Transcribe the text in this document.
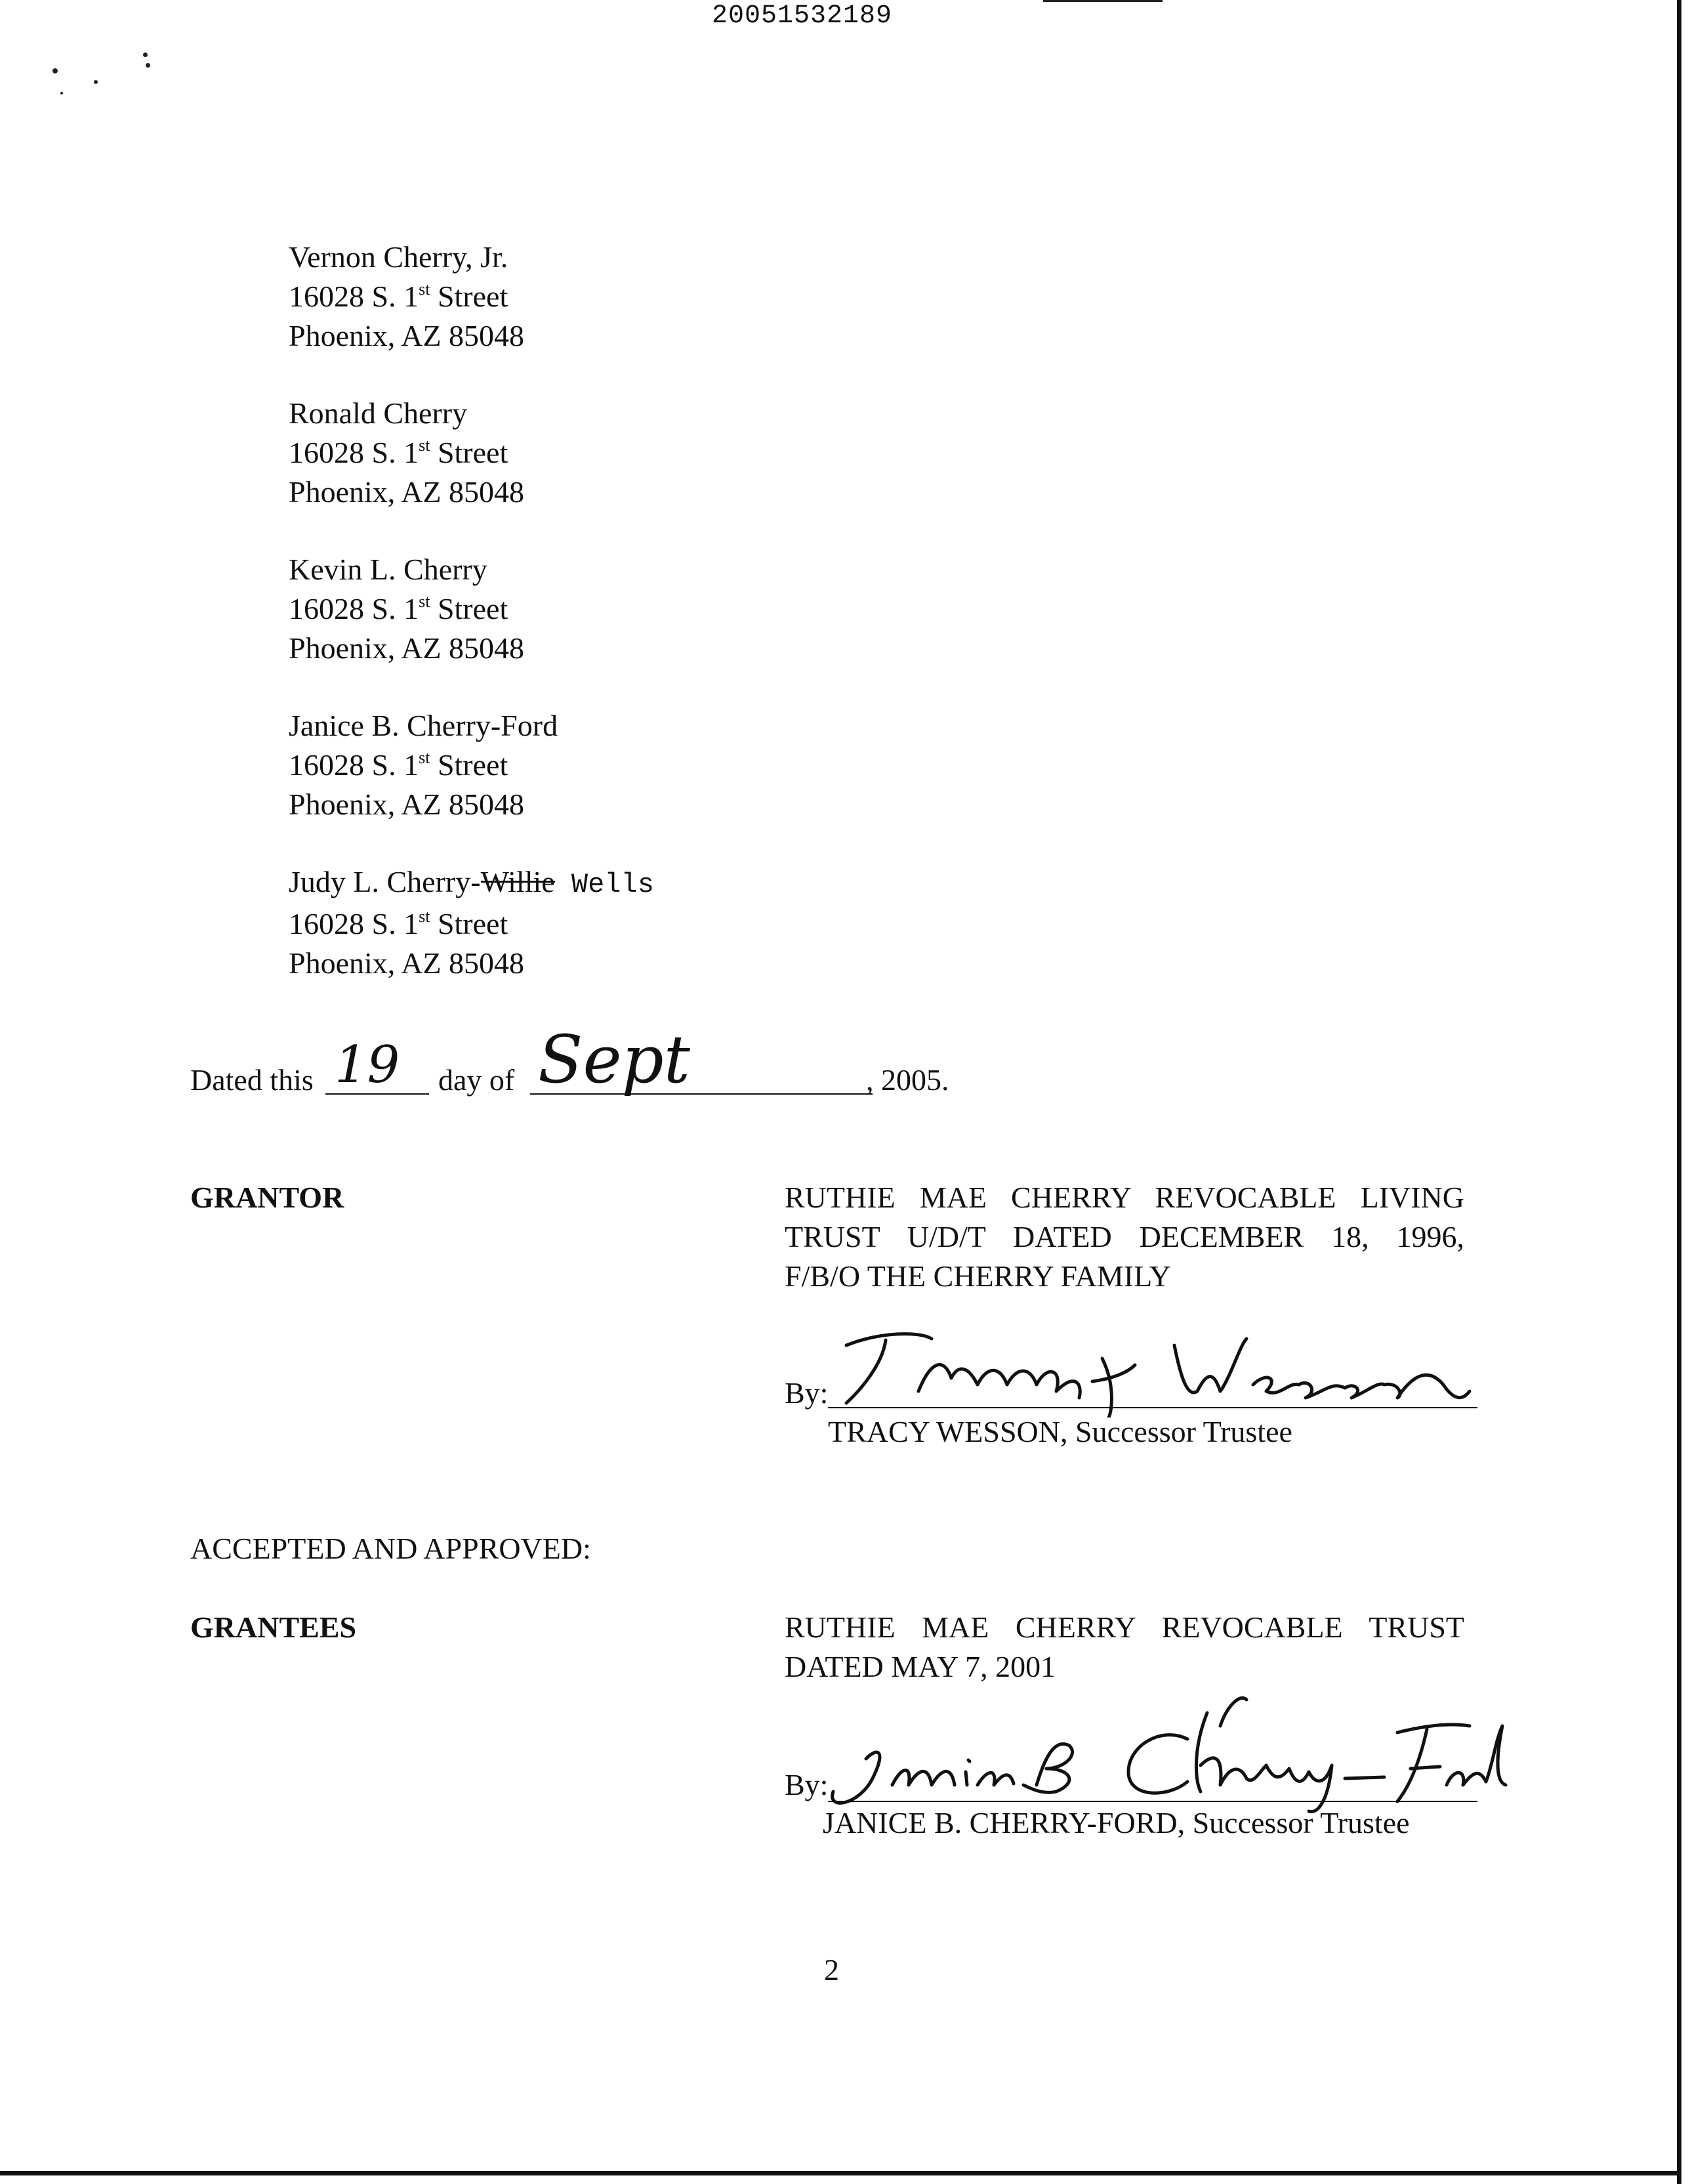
20051532189
Vernon Cherry, Jr.
16028 S. 1st Street
Phoenix, AZ 85048
Ronald Cherry
16028 S. 1st Street
Phoenix, AZ 85048
Kevin L. Cherry
16028 S. 1st Street
Phoenix, AZ 85048
Janice B. Cherry-Ford
16028 S. 1st Street
Phoenix, AZ 85048
Judy L. Cherry-Willie Wells
16028 S. 1st Street
Phoenix, AZ 85048
Dated this 19 day of Sept	, 2005.
GRANTOR	RUTHIE MAE CHERRY REVOCABLE LIVING
TRUST U/D/T DATED DECEMBER 18, 1996,
F/B/O THE CHERRY FAMILY
By:
TRACY WESSON, Successor Trustee
ACCEPTED AND APPROVED:
GRANTEES	RUTHIE MAE CHERRY REVOCABLE TRUST
DATED MAY 7, 2001
By:
JANICE B. CHERRY-FORD, Successor Trustee
2
